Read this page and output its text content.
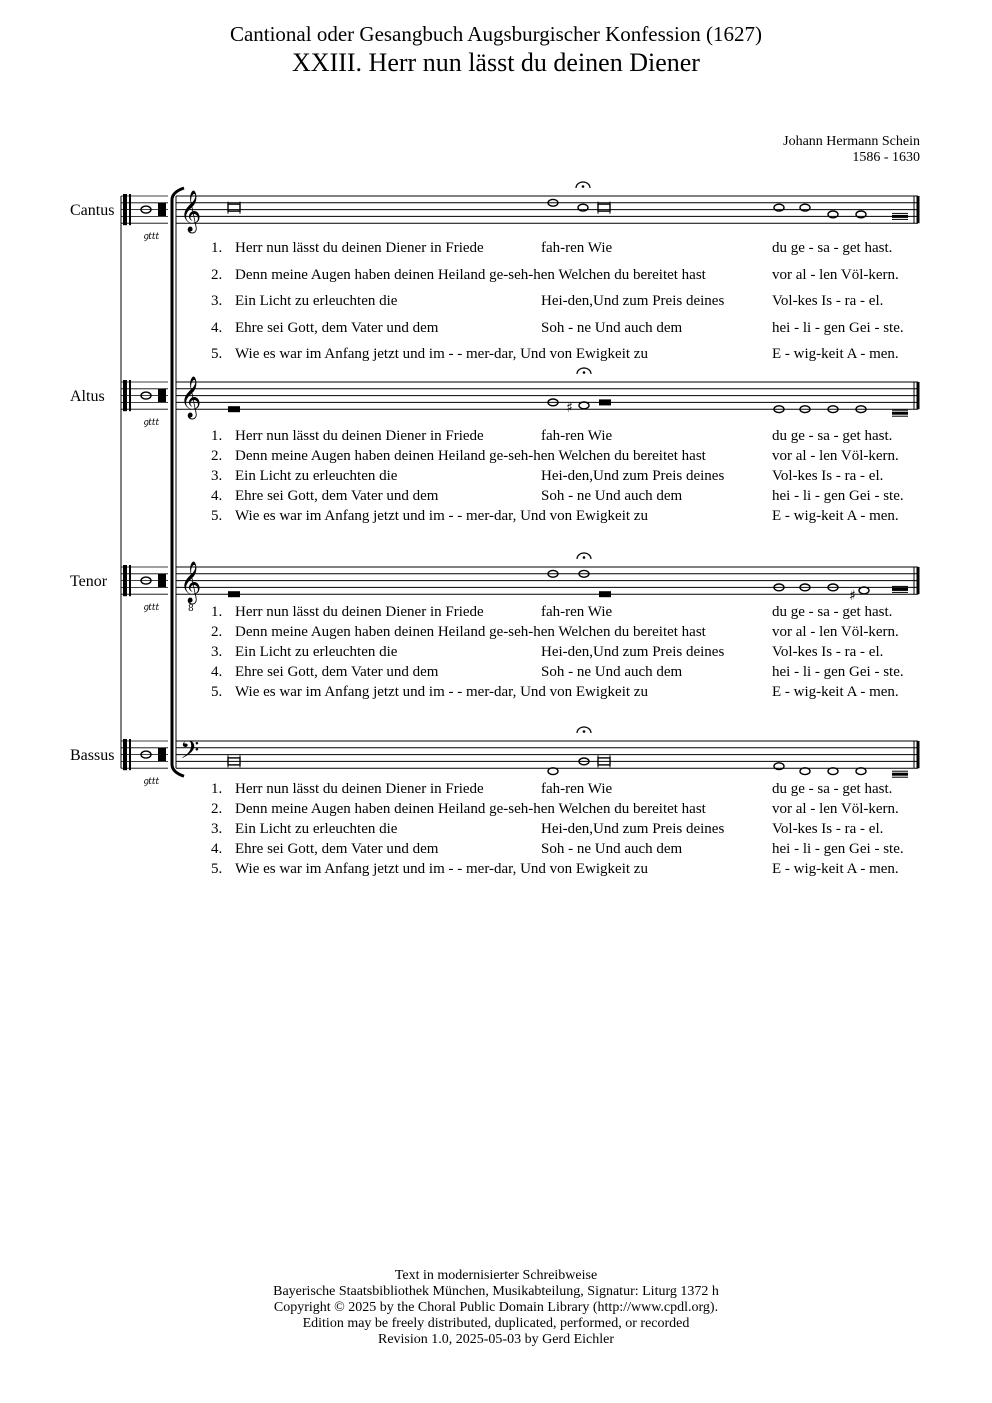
Cantional oder Gesangbuch Augsburgischer Konfession (1627)
XXIII. Herr nun lässt du deinen Diener
Johann Hermann Schein
1586 - 1630
𝄞
ꝯttt
𝄞
ꝯttt
𝄞
8
ꝯttt
𝄢
ꝯttt
♯
♯
Cantus
1. Herr nun lässt du deinen Diener in Friede	fah-ren Wie	du ge - sa - get hast.
2. Denn meine Augen haben deinen Heiland ge-seh-hen Welchen du bereitet hast	vor al - len Völ-kern.
3. Ein Licht zu erleuchten die	Hei-den,Und zum Preis deines	Vol-kes Is - ra - el.
4. Ehre sei Gott, dem Vater und dem	Soh - ne Und auch dem	hei - li - gen Gei - ste.
5. Wie es war im Anfang jetzt und im - - mer-dar, Und von Ewigkeit zu	E - wig-keit A - men.
Altus
1. Herr nun lässt du deinen Diener in Friede	fah-ren Wie	du ge - sa - get hast.
2. Denn meine Augen haben deinen Heiland ge-seh-hen Welchen du bereitet hast	vor al - len Völ-kern.
3. Ein Licht zu erleuchten die	Hei-den,Und zum Preis deines	Vol-kes Is - ra - el.
4. Ehre sei Gott, dem Vater und dem	Soh - ne Und auch dem	hei - li - gen Gei - ste.
5. Wie es war im Anfang jetzt und im - - mer-dar, Und von Ewigkeit zu	E - wig-keit A - men.
Tenor
1. Herr nun lässt du deinen Diener in Friede	fah-ren Wie	du ge - sa - get hast.
2. Denn meine Augen haben deinen Heiland ge-seh-hen Welchen du bereitet hast	vor al - len Völ-kern.
3. Ein Licht zu erleuchten die	Hei-den,Und zum Preis deines	Vol-kes Is - ra - el.
4. Ehre sei Gott, dem Vater und dem	Soh - ne Und auch dem	hei - li - gen Gei - ste.
5. Wie es war im Anfang jetzt und im - - mer-dar, Und von Ewigkeit zu	E - wig-keit A - men.
Bassus
1. Herr nun lässt du deinen Diener in Friede	fah-ren Wie	du ge - sa - get hast.
2. Denn meine Augen haben deinen Heiland ge-seh-hen Welchen du bereitet hast	vor al - len Völ-kern.
3. Ein Licht zu erleuchten die	Hei-den,Und zum Preis deines	Vol-kes Is - ra - el.
4. Ehre sei Gott, dem Vater und dem	Soh - ne Und auch dem	hei - li - gen Gei - ste.
5. Wie es war im Anfang jetzt und im - - mer-dar, Und von Ewigkeit zu	E - wig-keit A - men.
Text in modernisierter Schreibweise
Bayerische Staatsbibliothek München, Musikabteilung, Signatur: Liturg 1372 h
Copyright © 2025 by the Choral Public Domain Library (http://www.cpdl.org).
Edition may be freely distributed, duplicated, performed, or recorded
Revision 1.0, 2025-05-03 by Gerd Eichler
